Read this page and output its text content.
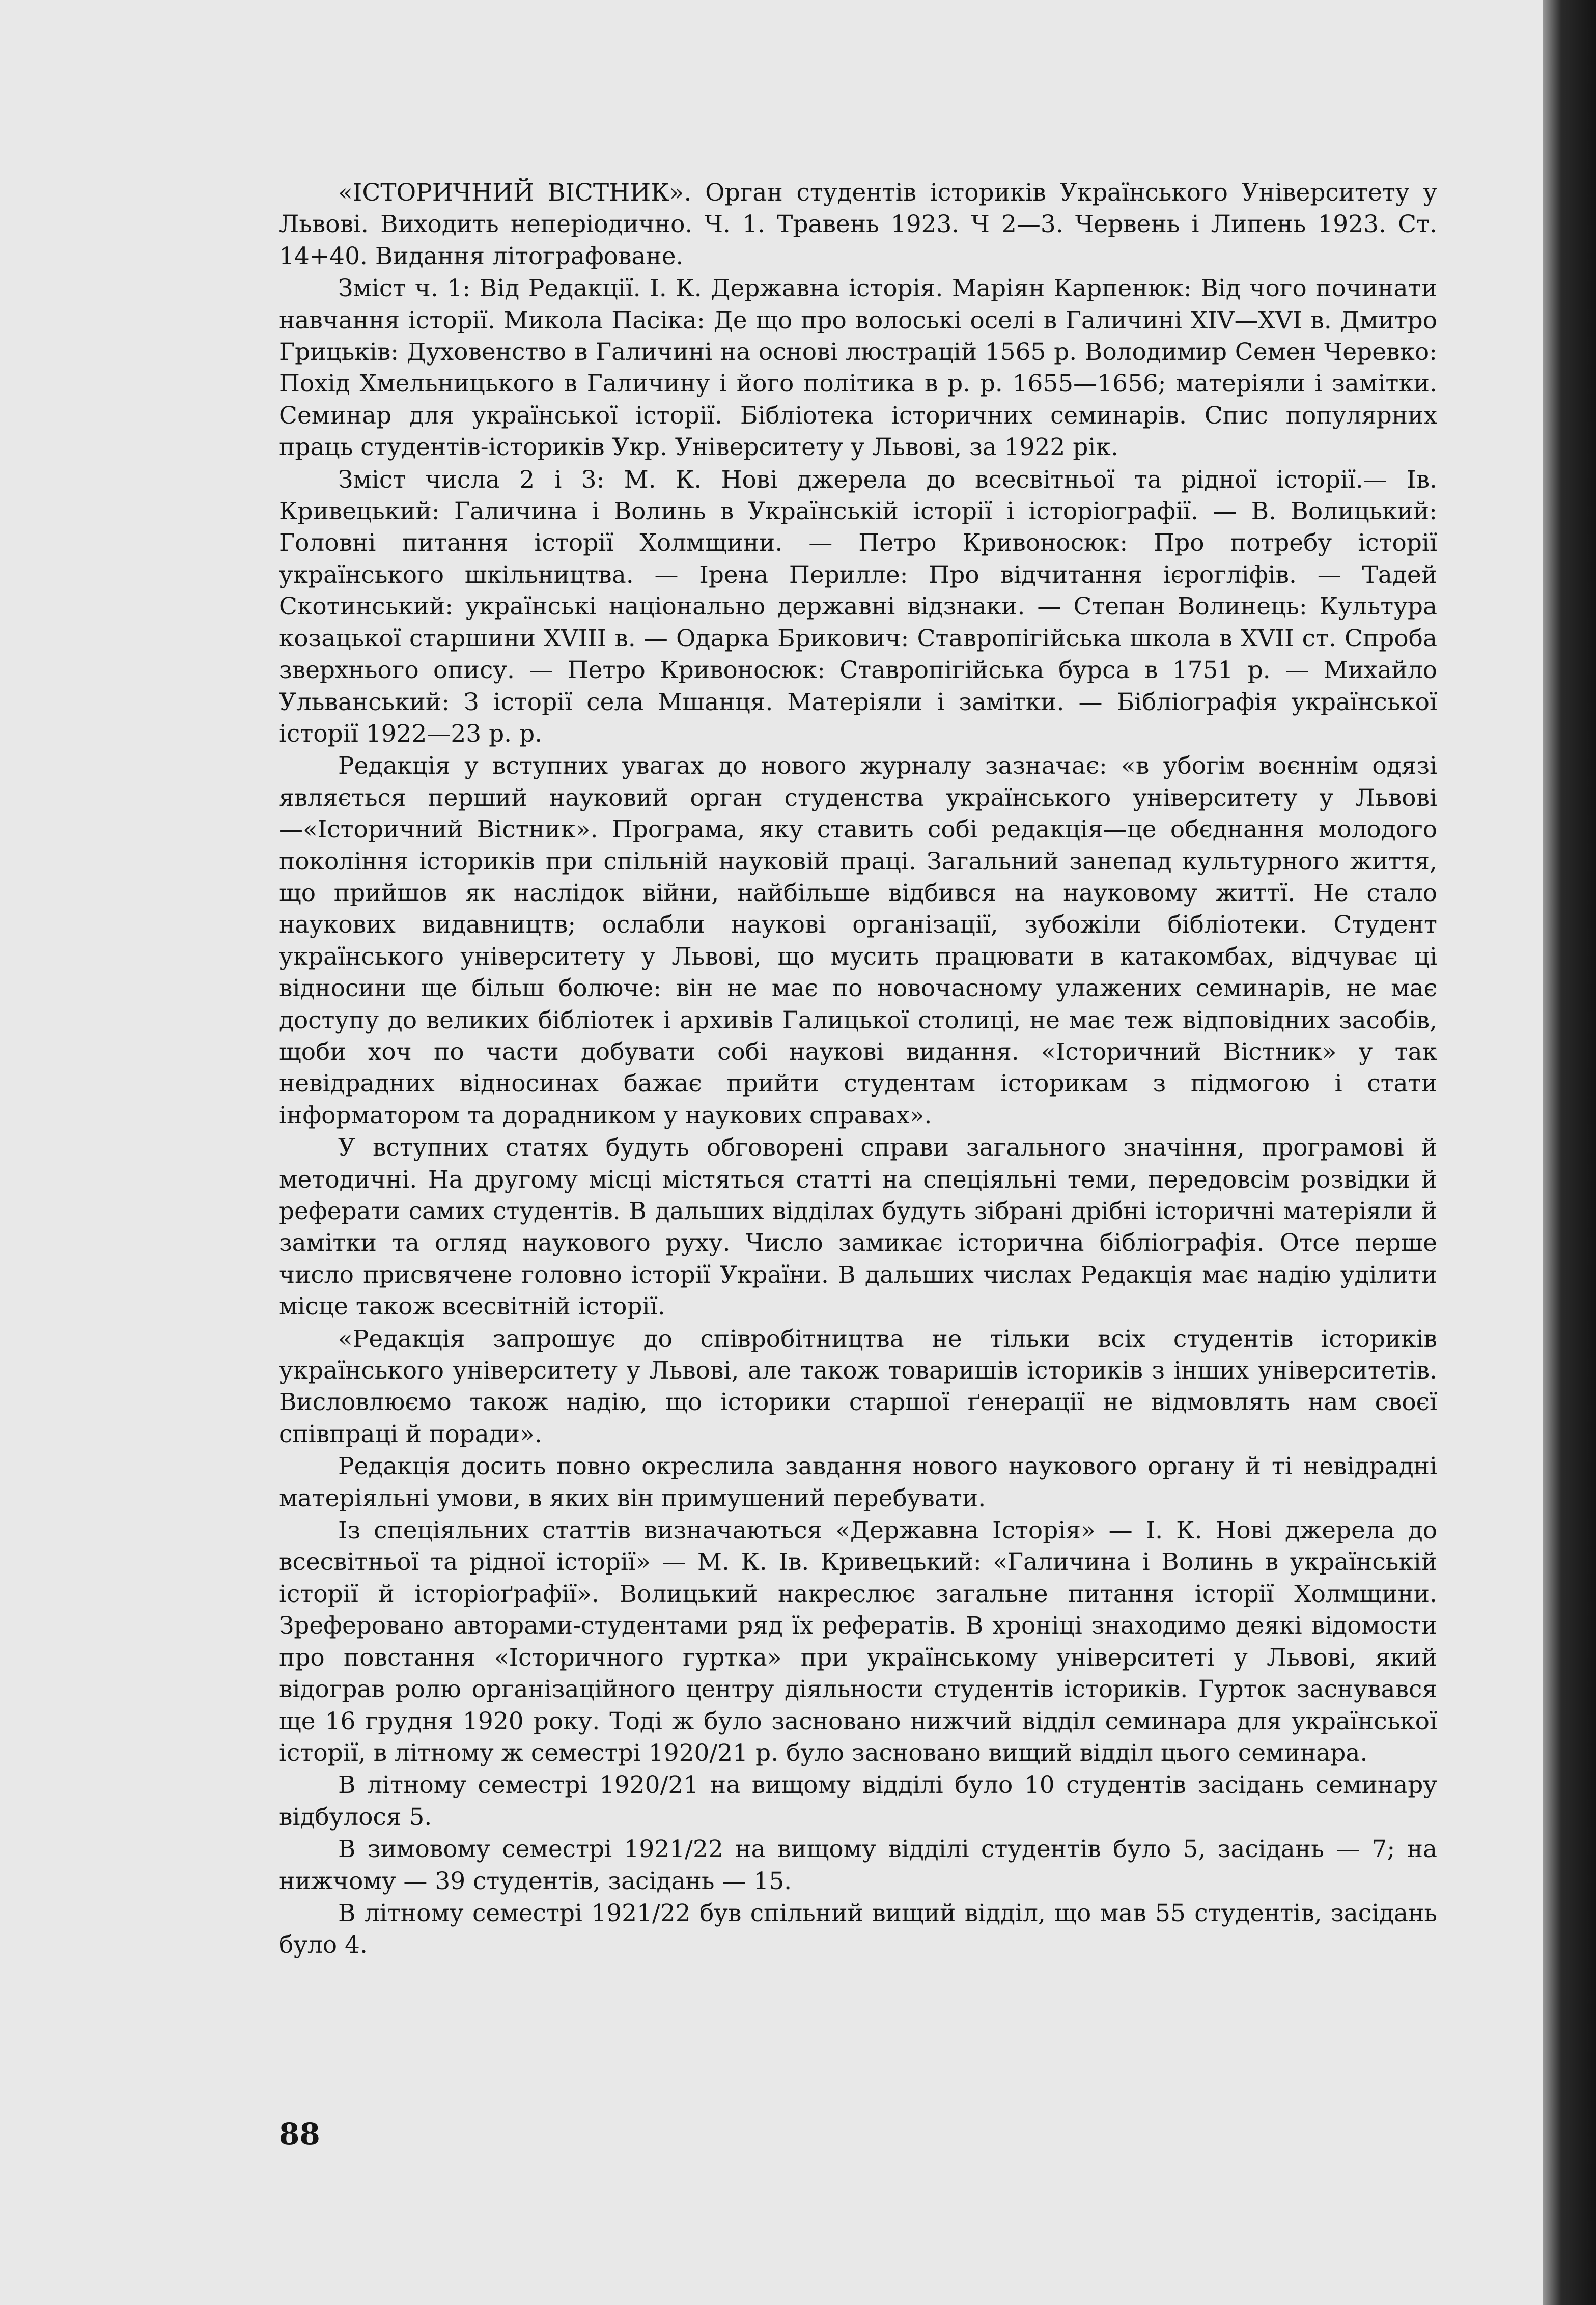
«ІСТОРИЧНИЙ ВІСТНИК». Орган студентів істориків Українського Університету у Львові. Виходить неперіодично. Ч. 1. Травень 1923. Ч 2—3. Червень і Липень 1923. Ст. 14+40. Видання літографоване.

Зміст ч. 1: Від Редакції. І. К. Державна історія. Маріян Карпенюк: Від чого починати навчання історії. Микола Пасіка: Де що про волоські оселі в Галичині XIV—XVI в. Дмитро Грицьків: Духовенство в Галичині на основі люстрацій 1565 р. Володимир Семен Черевко: Похід Хмельницького в Галичину і його політика в р. р. 1655—1656; матеріяли і замітки. Семинар для української історії. Бібліотека історичних семинарів. Спис популярних праць студентів-істориків Укр. Університету у Львові, за 1922 рік.

Зміст числа 2 і 3: М. К. Нові джерела до всесвітньої та рідної історії.— Ів. Кривецький: Галичина і Волинь в Українській історії і історіографії. — В. Волицький: Головні питання історії Холмщини. — Петро Кривоносюк: Про потребу історії українського шкільництва. — Ірена Перилле: Про відчитання ієрогліфів. — Тадей Скотинський: українські національно державні відзнаки. — Степан Волинець: Культура козацької старшини XVIII в. — Одарка Брикович: Ставропігійська школа в XVII ст. Спроба зверхнього опису. — Петро Кривоносюк: Ставропігійська бурса в 1751 р. — Михайло Ульванський: З історії села Мшанця. Матеріяли і замітки. — Бібліографія української історії 1922—23 р. р.

Редакція у вступних увагах до нового журналу зазначає: «в убогім воєннім одязі являється перший науковий орган студенства українського університету у Львові—«Історичний Вістник». Програма, яку ставить собі редакція—це обєднання молодого покоління істориків при спільній науковій праці. Загальний занепад культурного життя, що прийшов як наслідок війни, найбільше відбився на науковому життї. Не стало наукових видавництв; ослабли наукові організації, зубожіли бібліотеки. Студент українського університету у Львові, що мусить працювати в катакомбах, відчуває ці відносини ще більш болюче: він не має по новочасному улажених семинарів, не має доступу до великих бібліотек і архивів Галицької столиці, не має теж відповідних засобів, щоби хоч по части добувати собі наукові видання. «Історичний Вістник» у так невідрадних відносинах бажає прийти студентам історикам з підмогою і стати інформатором та дорадником у наукових справах».

У вступних статях будуть обговорені справи загального значіння, програмові й методичні. На другому місці містяться статті на спеціяльні теми, передовсім розвідки й реферати самих студентів. В дальших відділах будуть зібрані дрібні історичні матеріяли й замітки та огляд наукового руху. Число замикає історична бібліографія. Отсе перше число присвячене головно історії України. В дальших числах Редакція має надію уділити місце також всесвітній історії.

«Редакція запрошує до співробітництва не тільки всіх студентів істориків українського університету у Львові, але також товаришів істориків з інших університетів. Висловлюємо також надію, що історики старшої ґенерації не відмовлять нам своєї співпраці й поради».

Редакція досить повно окреслила завдання нового наукового органу й ті невідрадні матеріяльні умови, в яких він примушений перебувати.

Із спеціяльних статтів визначаються «Державна Історія» — І. К. Нові джерела до всесвітньої та рідної історії» — М. К. Ів. Кривецький: «Галичина і Волинь в українській історії й історіоґрафії». Волицький накреслює загальне питання історії Холмщини. Зреферовано авторами-студентами ряд їх рефератів. В хроніці знаходимо деякі відомости про повстання «Історичного гуртка» при українському університеті у Львові, який відограв ролю організаційного центру діяльности студентів істориків. Гурток заснувався ще 16 грудня 1920 року. Тоді ж було засновано нижчий відділ семинара для української історії, в літному ж семестрі 1920/21 р. було засновано вищий відділ цього семинара.

В літному семестрі 1920/21 на вищому відділі було 10 студентів засідань семинару відбулося 5.

В зимовому семестрі 1921/22 на вищому відділі студентів було 5, засідань — 7; на нижчому — 39 студентів, засідань — 15.

В літному семестрі 1921/22 був спільний вищий відділ, що мав 55 студентів, засідань було 4.

88
